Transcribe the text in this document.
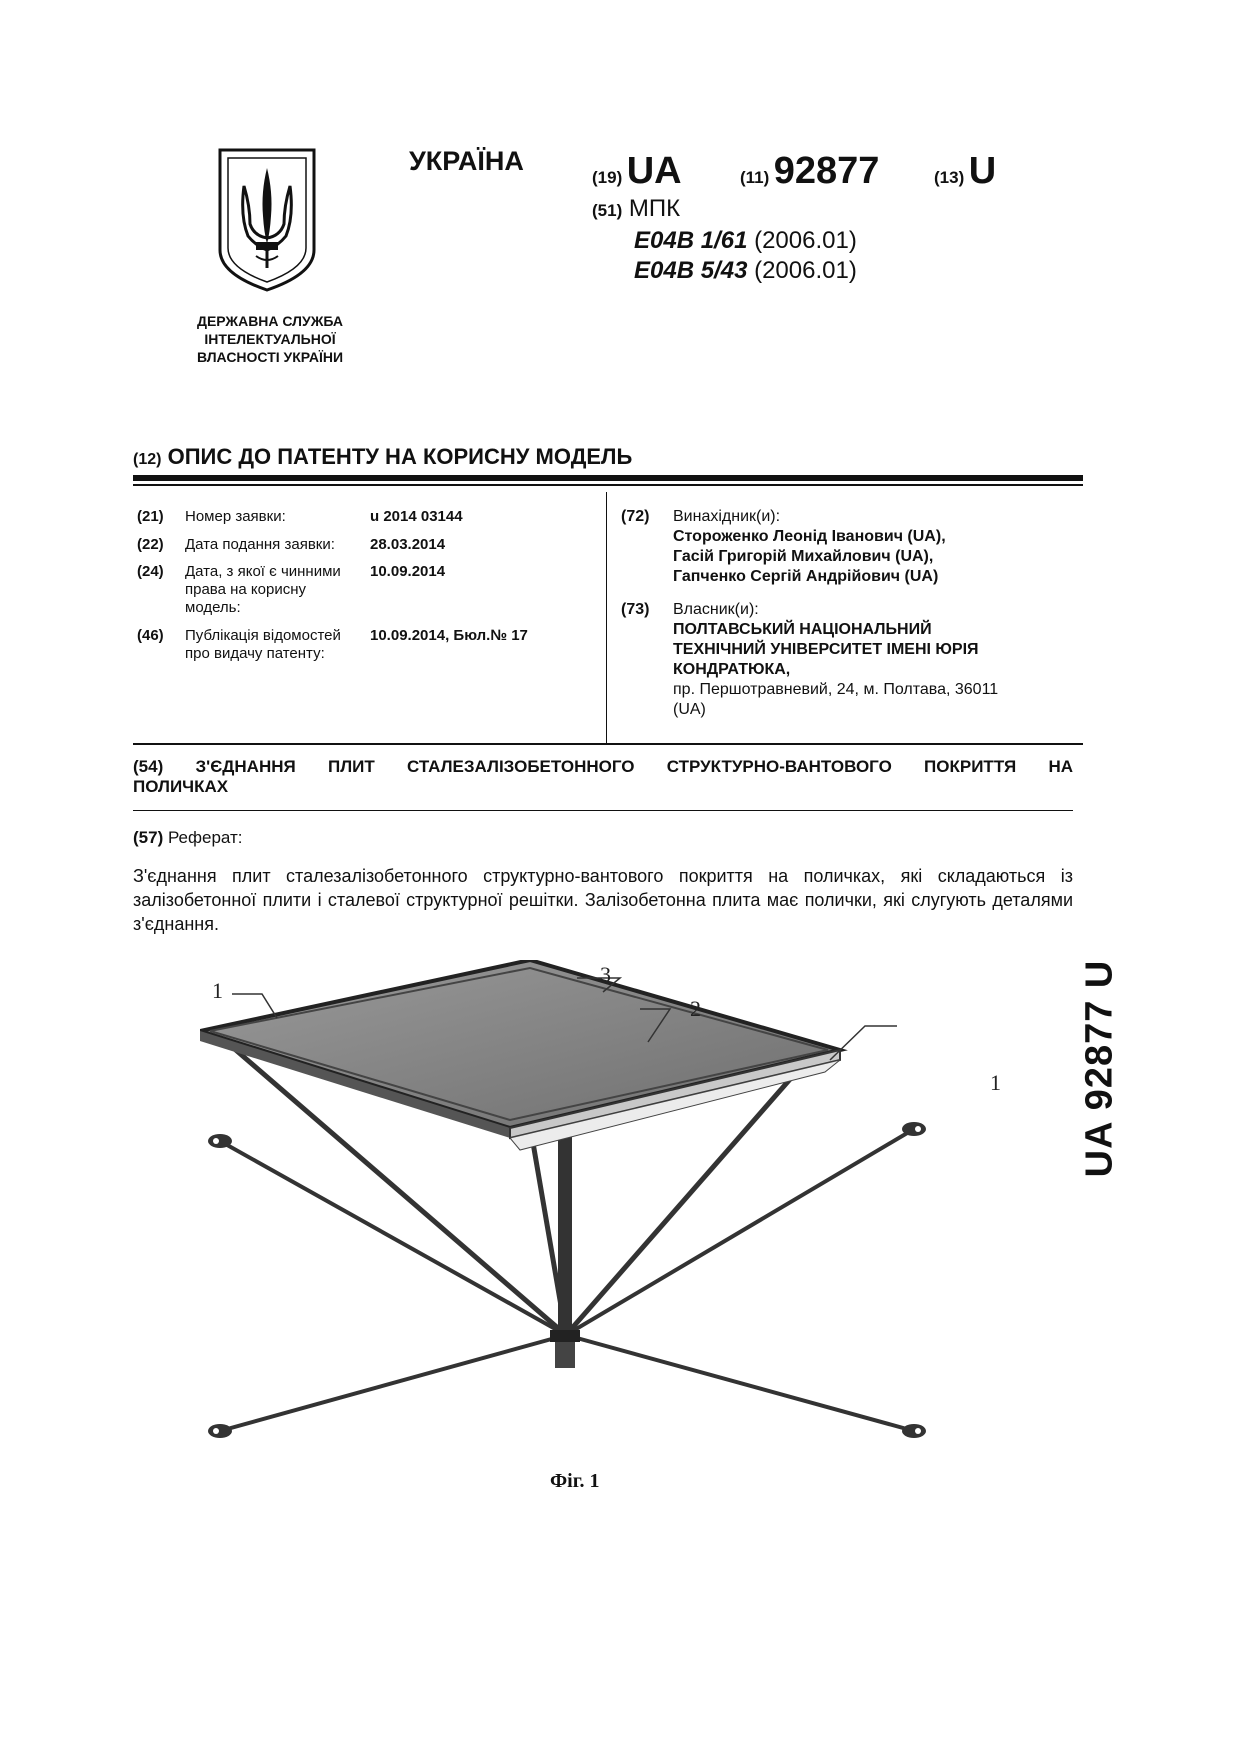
ДЕРЖАВНА СЛУЖБА ІНТЕЛЕКТУАЛЬНОЇ ВЛАСНОСТІ УКРАЇНИ
УКРАЇНА
(19) UA	(11) 92877	(13) U
(51) МПК
E04B 1/61 (2006.01)
E04B 5/43 (2006.01)
(12) ОПИС ДО ПАТЕНТУ НА КОРИСНУ МОДЕЛЬ
(21)	Номер заявки:	u 2014 03144
(22)	Дата подання заявки:	28.03.2014
(24)	Дата, з якої є чинними права на корисну модель:
10.09.2014
(46)	Публікація відомостей про видачу патенту:
10.09.2014, Бюл.№ 17
(72)	Винахідник(и):
Стороженко Леонід Іванович (UA),
Гасій Григорій Михайлович (UA),
Гапченко Сергій Андрійович (UA)
(73)	Власник(и):
ПОЛТАВСЬКИЙ НАЦІОНАЛЬНИЙ
ТЕХНІЧНИЙ УНІВЕРСИТЕТ ІМЕНІ ЮРІЯ
КОНДРАТЮКА,
пр. Першотравневий, 24, м. Полтава, 36011
(UA)
(54) З'ЄДНАННЯ ПЛИТ СТАЛЕЗАЛІЗОБЕТОННОГО СТРУКТУРНО-ВАНТОВОГО ПОКРИТТЯ НА
ПОЛИЧКАХ
(57) Реферат:
З'єднання плит сталезалізобетонного структурно-вантового покриття на поличках, які складаються із залізобетонної плити і сталевої структурної решітки. Залізобетонна плита має полички, які слугують деталями з'єднання.
1
3
2
1
Фіг. 1
UA 92877 U
